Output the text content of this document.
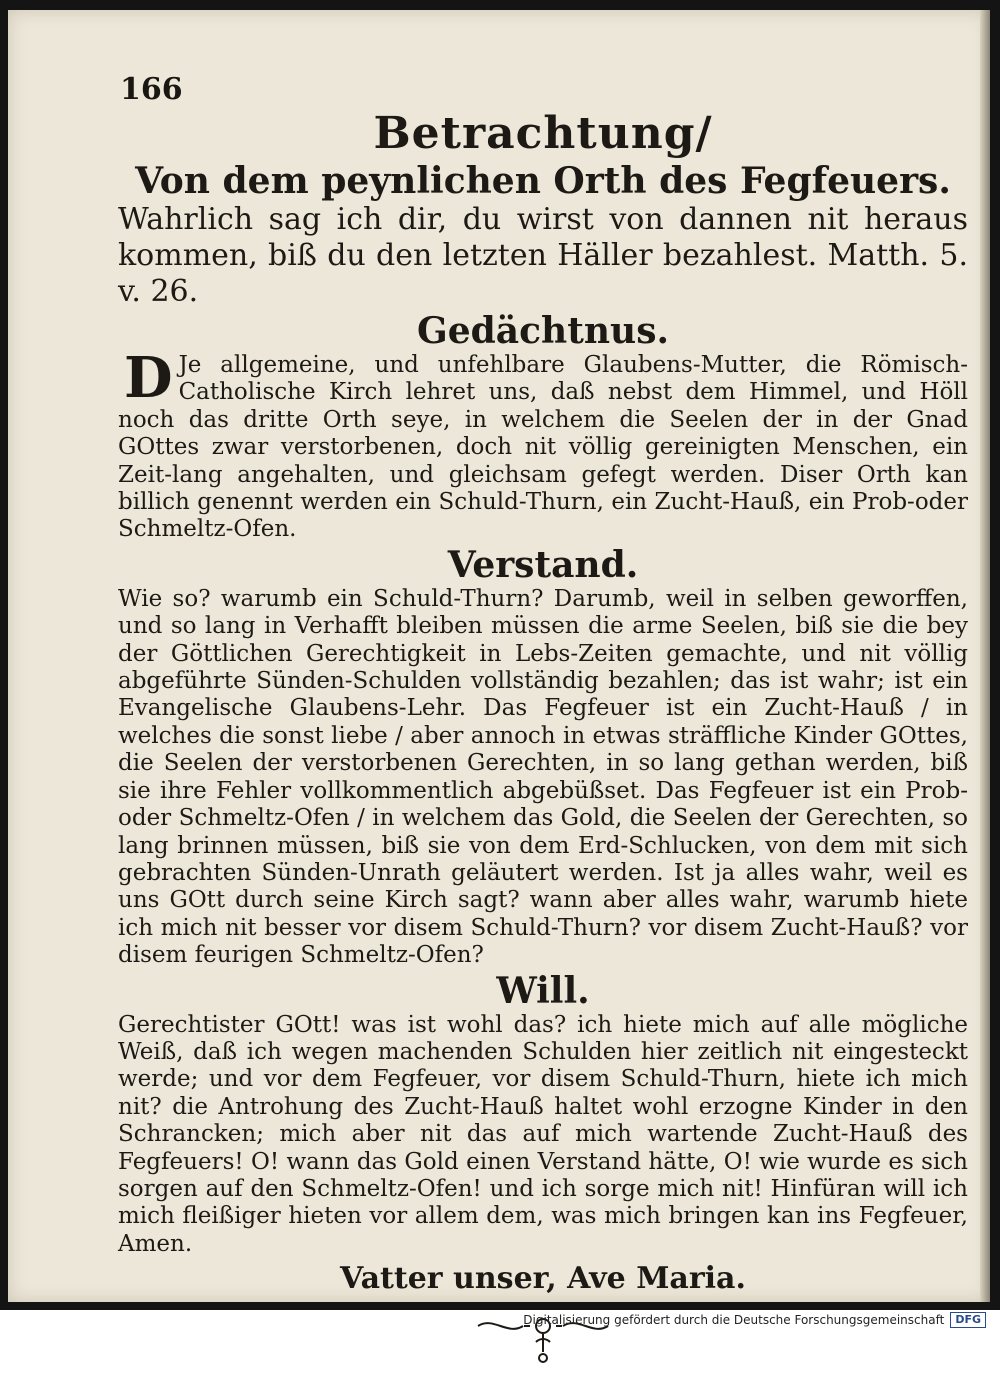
166
Betrachtung/
Von dem peynlichen Orth des Fegfeuers.
Wahrlich sag ich dir, du wirst von dannen nit heraus kommen, biß du den letzten Häller bezahlest. Matth. 5. v. 26.
Gedächtnus.
D Je allgemeine, und unfehlbare Glaubens-Mutter, die Römisch-Catholische Kirch lehret uns, daß nebst dem Himmel, und Höll noch das dritte Orth seye, in welchem die Seelen der in der Gnad GOttes zwar verstorbenen, doch nit völlig gereinigten Menschen, ein Zeit-lang angehalten, und gleichsam gefegt werden. Diser Orth kan billich genennt werden ein Schuld-Thurn, ein Zucht-Hauß, ein Prob-oder Schmeltz-Ofen.
Verstand.
Wie so? warumb ein Schuld-Thurn? Darumb, weil in selben geworffen, und so lang in Verhafft bleiben müssen die arme Seelen, biß sie die bey der Göttlichen Gerechtigkeit in Lebs-Zeiten gemachte, und nit völlig abgeführte Sünden-Schulden vollständig bezahlen; das ist wahr; ist ein Evangelische Glaubens-Lehr. Das Fegfeuer ist ein Zucht-Hauß / in welches die sonst liebe / aber annoch in etwas sträffliche Kinder GOttes, die Seelen der verstorbenen Gerechten, in so lang gethan werden, biß sie ihre Fehler vollkommentlich abgebüßset. Das Fegfeuer ist ein Prob-oder Schmeltz-Ofen / in welchem das Gold, die Seelen der Gerechten, so lang brinnen müssen, biß sie von dem Erd-Schlucken, von dem mit sich gebrachten Sünden-Unrath geläutert werden. Ist ja alles wahr, weil es uns GOtt durch seine Kirch sagt? wann aber alles wahr, warumb hiete ich mich nit besser vor disem Schuld-Thurn? vor disem Zucht-Hauß? vor disem feurigen Schmeltz-Ofen?
Will.
Gerechtister GOtt! was ist wohl das? ich hiete mich auf alle mögliche Weiß, daß ich wegen machenden Schulden hier zeitlich nit eingesteckt werde; und vor dem Fegfeuer, vor disem Schuld-Thurn, hiete ich mich nit? die Antrohung des Zucht-Hauß haltet wohl erzogne Kinder in den Schrancken; mich aber nit das auf mich wartende Zucht-Hauß des Fegfeuers! O! wann das Gold einen Verstand hätte, O! wie wurde es sich sorgen auf den Schmeltz-Ofen! und ich sorge mich nit! Hinfüran will ich mich fleißiger hieten vor allem dem, was mich bringen kan ins Fegfeuer, Amen.
Vatter unser, Ave Maria.
Digitalisierung gefördert durch die Deutsche Forschungsgemeinschaft	DFG
